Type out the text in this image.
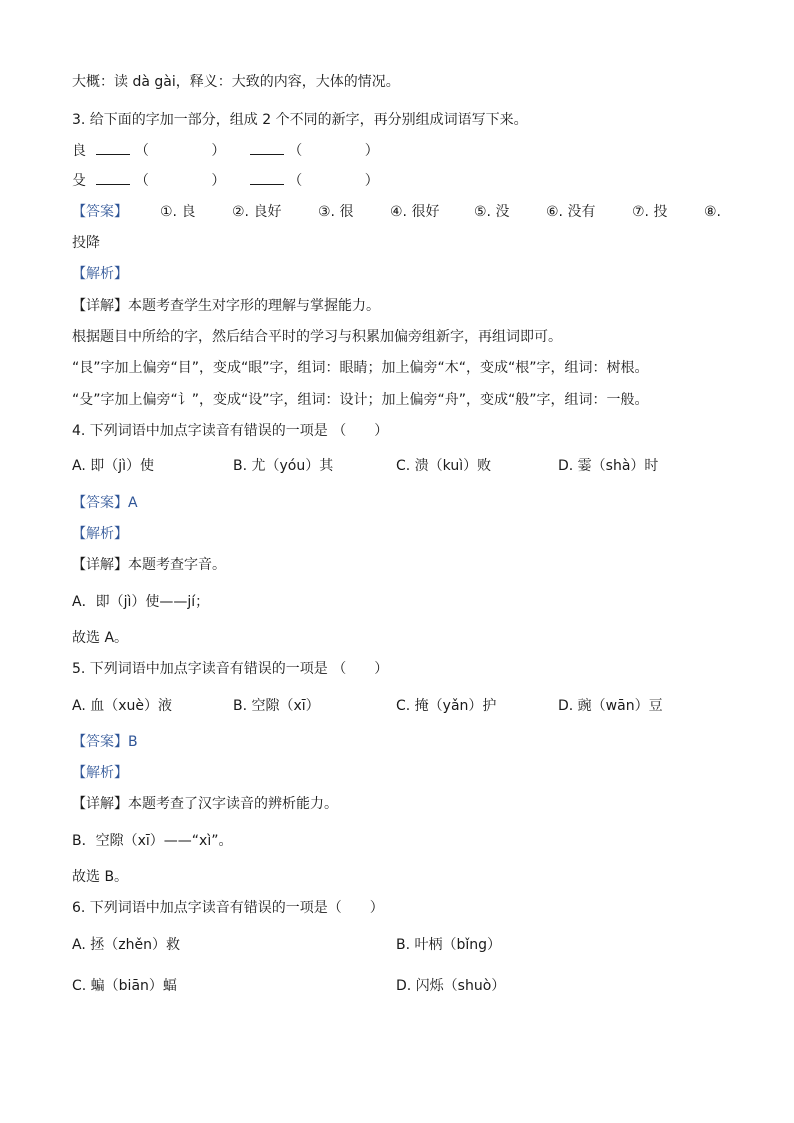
大概：读 dà gài，释义：大致的内容，大体的情况。
3. 给下面的字加一部分，组成 2 个不同的新字，再分别组成词语写下来。
良	（	）	（	）
殳	（	）	（	）
【答案】 ①. 良	②. 良好	③. 很	④. 很好 ⑤. 没	⑥. 没有	⑦. 投	⑧.
投降
【解析】
【详解】本题考查学生对字形的理解与掌握能力。
根据题目中所给的字，然后结合平时的学习与积累加偏旁组新字，再组词即可。
“艮”字加上偏旁“目”，变成“眼”字，组词：眼睛；加上偏旁“木“，变成“根”字，组词：树根。
“殳”字加上偏旁“讠”，变成“设”字，组词：设计；加上偏旁“舟”，变成“般”字，组词：一般。
4. 下列词语中加点字读音有错误的一项是 （　　）
A. 即（jì）使	B. 尤（yóu）其	C. 溃（kuì）败	D. 霎（shà）时
【答案】A
【解析】
【详解】本题考查字音。
A．即（jì）使——jí；
故选 A。
5. 下列词语中加点字读音有错误的一项是 （　　）
A. 血（xuè）液	B. 空隙（xī）	C. 掩（yǎn）护	D. 豌（wān）豆
【答案】B
【解析】
【详解】本题考查了汉字读音的辨析能力。
B．空隙（xī）——“xì”。
故选 B。
6. 下列词语中加点字读音有错误的一项是（　　）
A. 拯（zhěn）救	B. 叶柄（bǐng）
C. 蝙（biān）蝠	D. 闪烁（shuò）
